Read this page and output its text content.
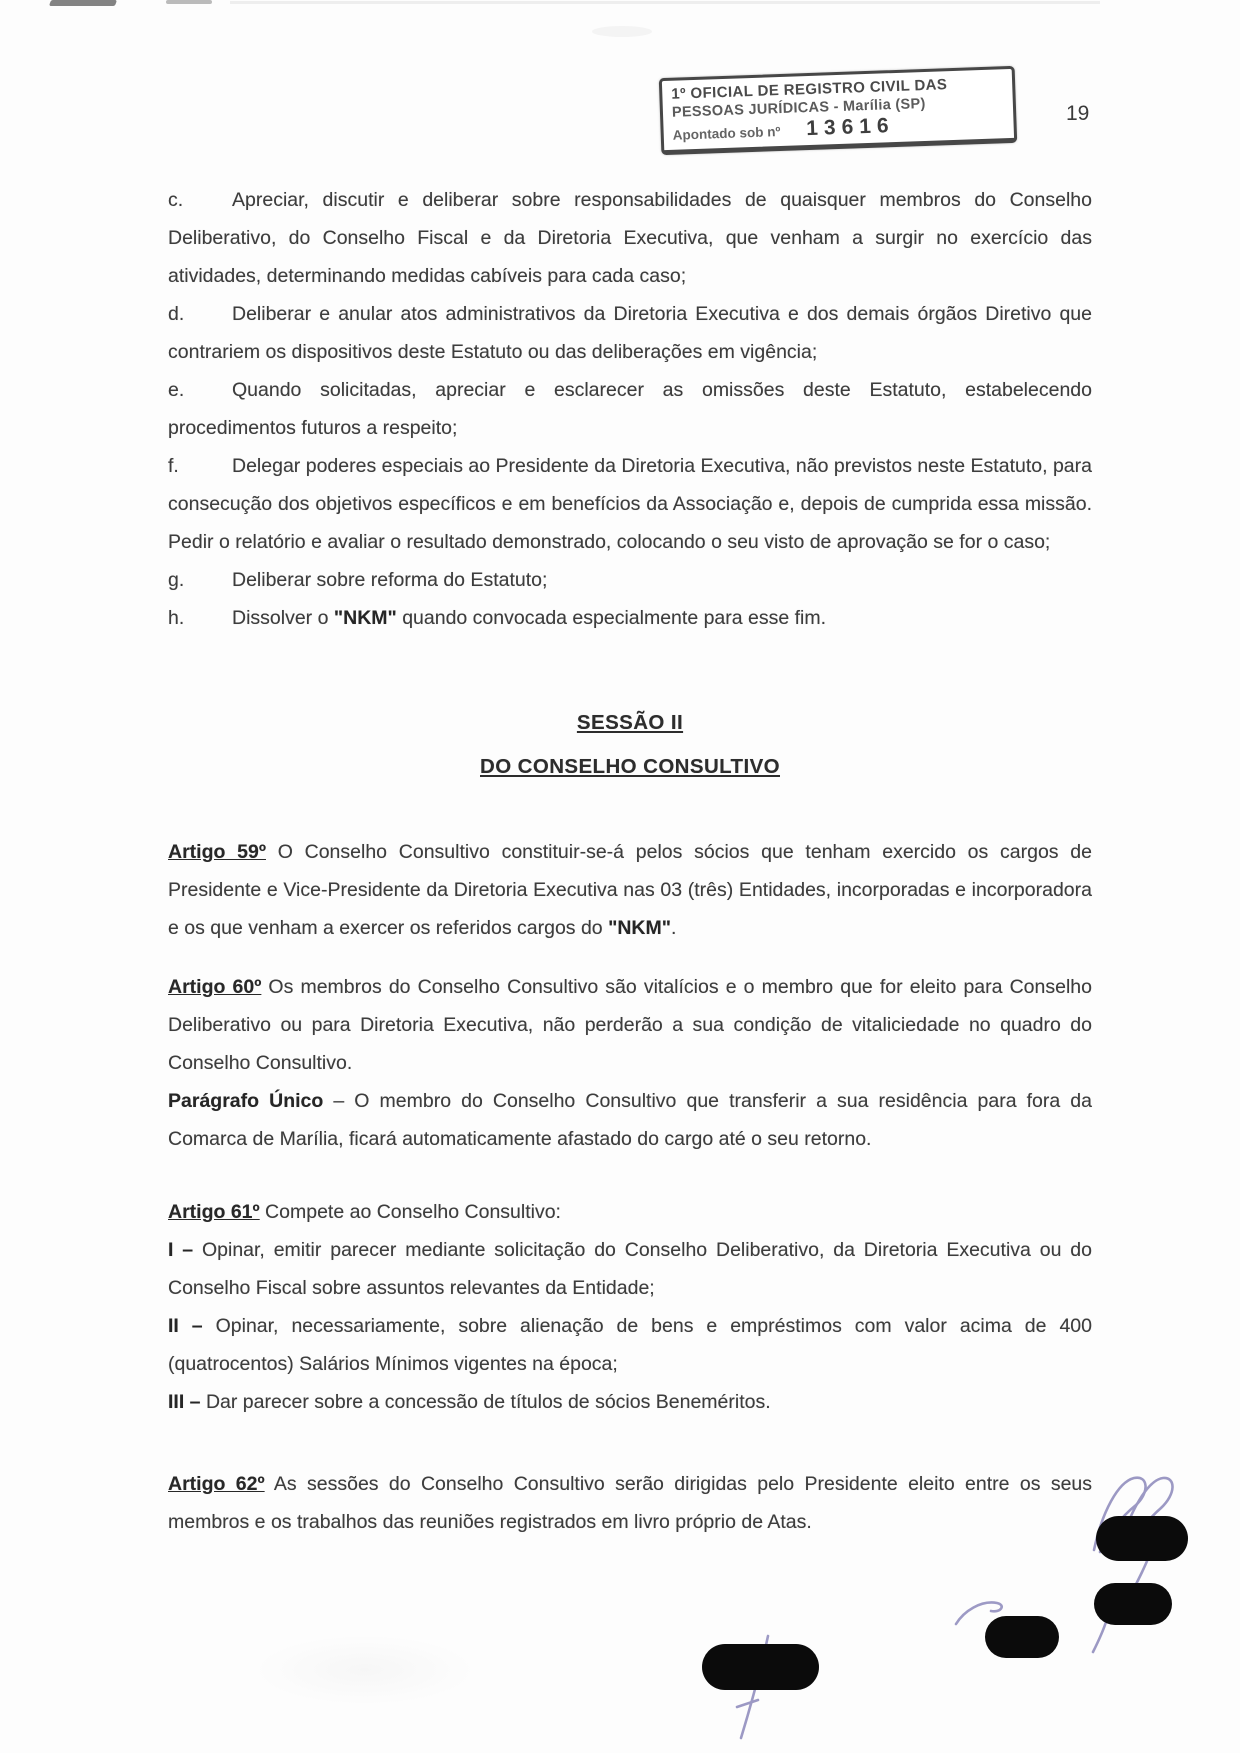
1º OFICIAL DE REGISTRO CIVIL DAS
PESSOAS JURÍDICAS - Marília (SP)
Apontado sob nº 13616
19

c.	Apreciar, discutir e deliberar sobre responsabilidades de quaisquer membros do Conselho Deliberativo, do Conselho Fiscal e da Diretoria Executiva, que venham a surgir no exercício das atividades, determinando medidas cabíveis para cada caso;

d. Deliberar e anular atos administrativos da Diretoria Executiva e dos demais órgãos Diretivo que contrariem os dispositivos deste Estatuto ou das deliberações em vigência;

e. Quando solicitadas, apreciar e esclarecer as omissões deste Estatuto, estabelecendo procedimentos futuros a respeito;

f.	Delegar poderes especiais ao Presidente da Diretoria Executiva, não previstos neste Estatuto, para consecução dos objetivos específicos e em benefícios da Associação e, depois de cumprida essa missão. Pedir o relatório e avaliar o resultado demonstrado, colocando o seu visto de aprovação se for o caso;

g. Deliberar sobre reforma do Estatuto;

h. Dissolver o "NKM" quando convocada especialmente para esse fim.

SESSÃO II

DO CONSELHO CONSULTIVO

Artigo 59º O Conselho Consultivo constituir-se-á pelos sócios que tenham exercido os cargos de Presidente e Vice-Presidente da Diretoria Executiva nas 03 (três) Entidades, incorporadas e incorporadora e os que venham a exercer os referidos cargos do "NKM".

Artigo 60º Os membros do Conselho Consultivo são vitalícios e o membro que for eleito para Conselho Deliberativo ou para Diretoria Executiva, não perderão a sua condição de vitaliciedade no quadro do Conselho Consultivo.

Parágrafo Único – O membro do Conselho Consultivo que transferir a sua residência para fora da Comarca de Marília, ficará automaticamente afastado do cargo até o seu retorno.

Artigo 61º Compete ao Conselho Consultivo:

I – Opinar, emitir parecer mediante solicitação do Conselho Deliberativo, da Diretoria Executiva ou do Conselho Fiscal sobre assuntos relevantes da Entidade;

II – Opinar, necessariamente, sobre alienação de bens e empréstimos com valor acima de 400 (quatrocentos) Salários Mínimos vigentes na época;

III – Dar parecer sobre a concessão de títulos de sócios Beneméritos.

Artigo 62º As sessões do Conselho Consultivo serão dirigidas pelo Presidente eleito entre os seus membros e os trabalhos das reuniões registrados em livro próprio de Atas.
